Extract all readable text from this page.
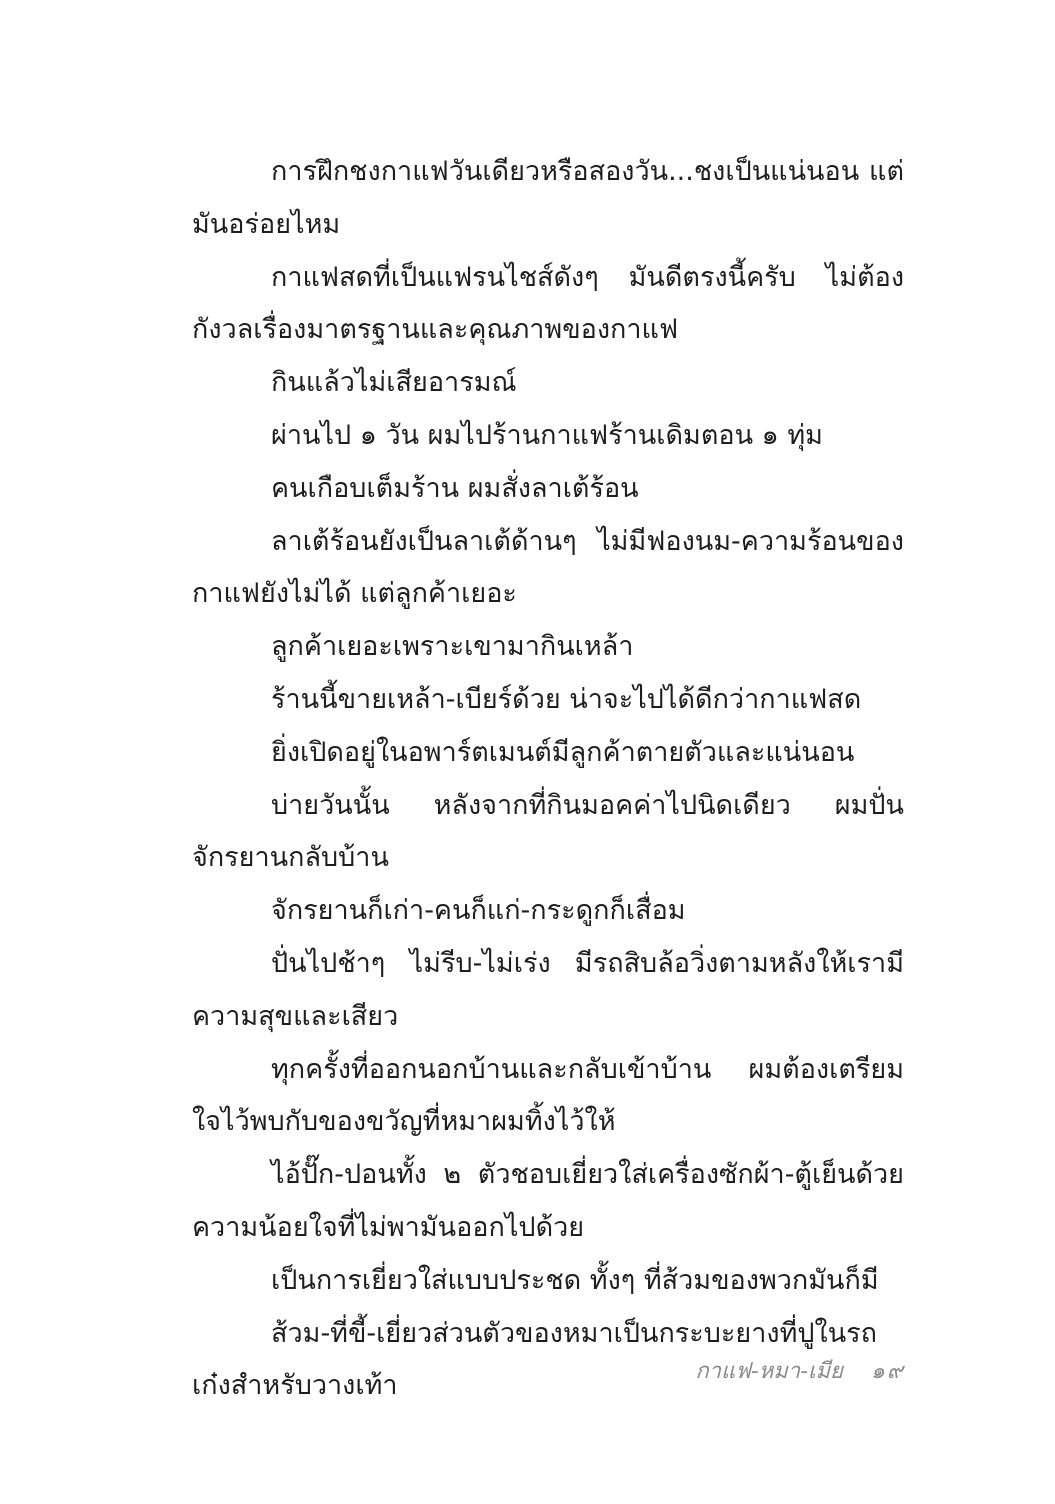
การฝึกชงกาแฟวันเดียวหรือสองวัน...ชงเป็นแน่นอน แต่มันอร่อยไหม

กาแฟสดที่เป็นแฟรนไชส์ดังๆ มันดีตรงนี้ครับ ไม่ต้องกังวลเรื่องมาตรฐานและคุณภาพของกาแฟ

กินแล้วไม่เสียอารมณ์

ผ่านไป ๑ วัน ผมไปร้านกาแฟร้านเดิมตอน ๑ ทุ่ม

คนเกือบเต็มร้าน ผมสั่งลาเต้ร้อน

ลาเต้ร้อนยังเป็นลาเต้ด้านๆ ไม่มีฟองนม-ความร้อนของกาแฟยังไม่ได้ แต่ลูกค้าเยอะ

ลูกค้าเยอะเพราะเขามากินเหล้า

ร้านนี้ขายเหล้า-เบียร์ด้วย น่าจะไปได้ดีกว่ากาแฟสด

ยิ่งเปิดอยู่ในอพาร์ตเมนต์มีลูกค้าตายตัวและแน่นอน

บ่ายวันนั้น หลังจากที่กินมอคค่าไปนิดเดียว ผมปั่นจักรยานกลับบ้าน

จักรยานก็เก่า-คนก็แก่-กระดูกก็เสื่อม

ปั่นไปช้าๆ ไม่รีบ-ไม่เร่ง มีรถสิบล้อวิ่งตามหลังให้เรามีความสุขและเสียว

ทุกครั้งที่ออกนอกบ้านและกลับเข้าบ้าน ผมต้องเตรียมใจไว้พบกับของขวัญที่หมาผมทิ้งไว้ให้

ไอ้ปั๊ก-ปอนทั้ง ๒ ตัวชอบเยี่ยวใส่เครื่องซักผ้า-ตู้เย็นด้วยความน้อยใจที่ไม่พามันออกไปด้วย

เป็นการเยี่ยวใส่แบบประชด ทั้งๆ ที่ส้วมของพวกมันก็มี

ส้วม-ที่ขี้-เยี่ยวส่วนตัวของหมาเป็นกระบะยางที่ปูในรถเก๋งสำหรับวางเท้า	กาแฟ-หมา-เมีย ๑๙
